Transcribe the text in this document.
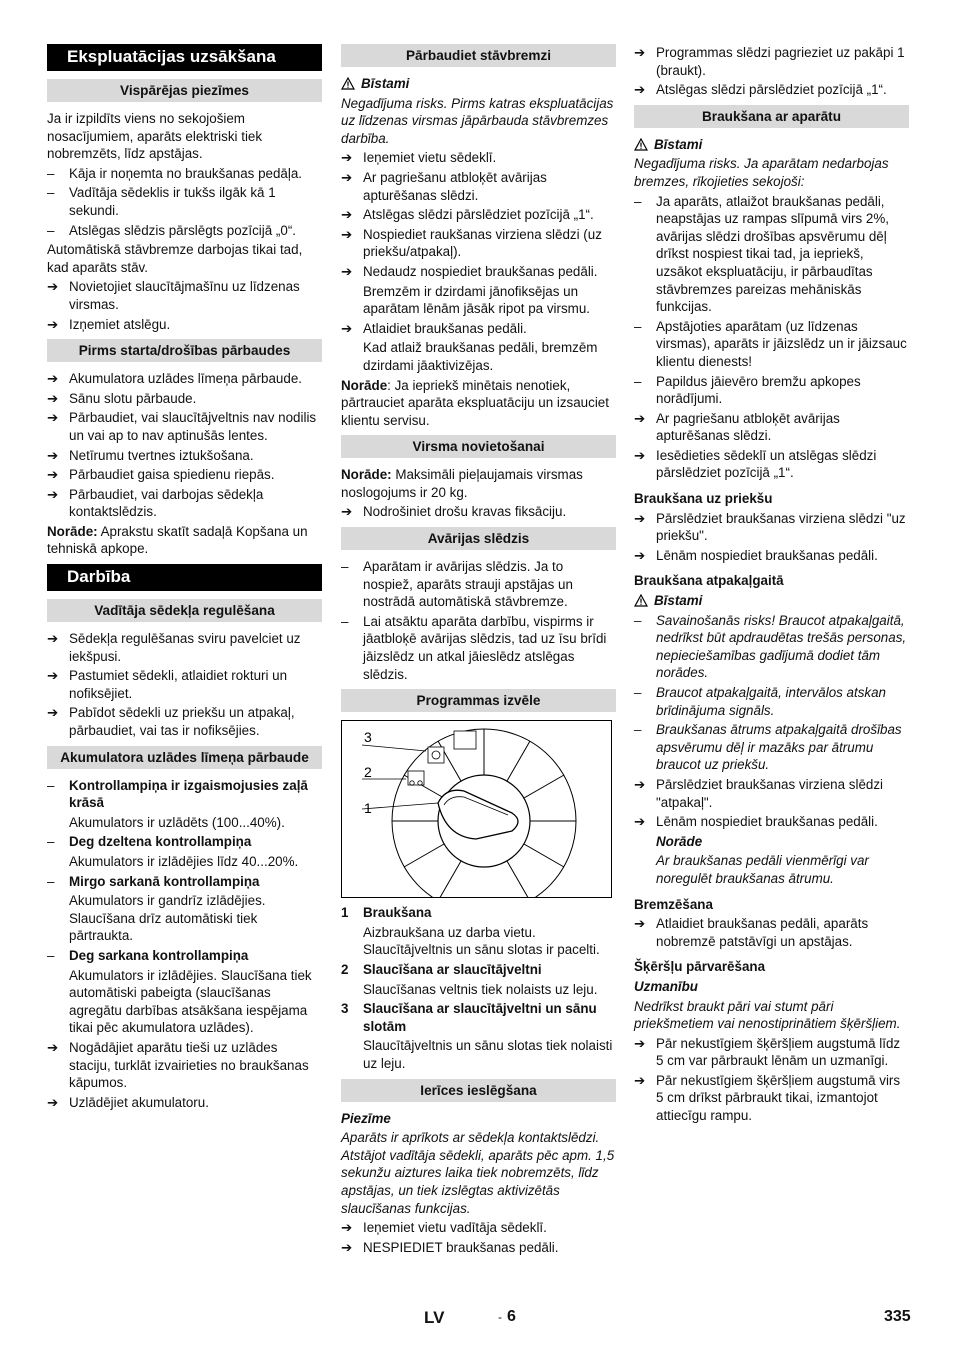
Ekspluatācijas uzsākšana
Vispārējas piezīmes

Ja ir izpildīts viens no sekojošiem nosacījumiem, aparāts elektriski tiek nobremzēts, līdz apstājas.

–	Kāja ir noņemta no braukšanas pedāļa.
–	Vadītāja sēdeklis ir tukšs ilgāk kā 1 sekundi.
–	Atslēgas slēdzis pārslēgts pozīcijā „0“.

Automātiskā stāvbremze darbojas tikai tad, kad aparāts stāv.

➔ Novietojiet slaucītājmašīnu uz līdzenas virsmas.
➔ Izņemiet atslēgu.
Pirms starta/drošības pārbaudes
➔ Akumulatora uzlādes līmeņa pārbaude.
➔ Sānu slotu pārbaude.
➔ Pārbaudiet, vai slaucītājveltnis nav nodilis un vai ap to nav aptinušās lentes.
➔ Netīrumu tvertnes iztukšošana.
➔ Pārbaudiet gaisa spiedienu riepās.
➔ Pārbaudiet, vai darbojas sēdekļa kontaktslēdzis.

Norāde: Aprakstu skatīt sadaļā Kopšana un tehniskā apkope.

Darbība
Vadītāja sēdekļa regulēšana
➔ Sēdekļa regulēšanas sviru pavelciet uz iekšpusi.
➔ Pastumiet sēdekli, atlaidiet rokturi un nofiksējiet.
➔ Pabīdot sēdekli uz priekšu un atpakaļ, pārbaudiet, vai tas ir nofiksējies.
Akumulatora uzlādes līmeņa pārbaude
–	Kontrollampiņa ir izgaismojusies zaļā krāsā
Akumulators ir uzlādēts (100...40%).
–	Deg dzeltena kontrollampiņa
Akumulators ir izlādējies līdz 40...20%.
–	Mirgo sarkanā kontrollampiņa
Akumulators ir gandrīz izlādējies. Slaucīšana drīz automātiski tiek pārtraukta.
–	Deg sarkana kontrollampiņa
Akumulators ir izlādējies. Slaucīšana tiek automātiski pabeigta (slaucīšanas agregātu darbības atsākšana iespējama tikai pēc akumulatora uzlādes).
➔ Nogādājiet aparātu tieši uz uzlādes staciju, turklāt izvairieties no braukšanas kāpumos.
➔ Uzlādējiet akumulatoru.
Pārbaudiet stāvbremzi
Bīstami

Negadījuma risks. Pirms katras ekspluatācijas uz līdzenas virsmas jāpārbauda stāvbremzes darbība.

➔ Ieņemiet vietu sēdeklī.
➔ Ar pagriešanu atbloķēt avārijas apturēšanas slēdzi.
➔ Atslēgas slēdzi pārslēdziet pozīcijā „1“.
➔ Nospiediet raukšanas virziena slēdzi (uz priekšu/atpakaļ).
➔ Nedaudz nospiediet braukšanas pedāli.
Bremzēm ir dzirdami jānofiksējas un aparātam lēnām jāsāk ripot pa virsmu.
➔ Atlaidiet braukšanas pedāli.
Kad atlaiž braukšanas pedāli, bremzēm dzirdami jāaktivizējas.

Norāde: Ja iepriekš minētais nenotiek, pārtrauciet aparāta ekspluatāciju un izsauciet klientu servisu.

Virsma novietošanai

Norāde: Maksimāli pieļaujamais virsmas noslogojums ir 20 kg.

➔ Nodrošiniet drošu kravas fiksāciju.
Avārijas slēdzis
–	Aparātam ir avārijas slēdzis. Ja to nospiež, aparāts strauji apstājas un nostrādā automātiskā stāvbremze.
–	Lai atsāktu aparāta darbību, vispirms ir jāatbloķē avārijas slēdzis, tad uz īsu brīdi jāizslēdz un atkal jāieslēdz atslēgas slēdzis.
Programmas izvēle
3
2
1
1 Braukšana
Aizbraukšana uz darba vietu. Slaucītājveltnis un sānu slotas ir pacelti.
2 Slaucīšana ar slaucītājveltni
Slaucīšanas veltnis tiek nolaists uz leju.
3 Slaucīšana ar slaucītājveltni un sānu slotām
Slaucītājveltnis un sānu slotas tiek nolaisti uz leju.
Ierīces ieslēgšana

Piezīme

Aparāts ir aprīkots ar sēdekļa kontaktslēdzi. Atstājot vadītāja sēdekli, aparāts pēc apm. 1,5 sekunžu aiztures laika tiek nobremzēts, līdz apstājas, un tiek izslēgtas aktivizētās slaucīšanas funkcijas.

➔ Ieņemiet vietu vadītāja sēdeklī.
➔ NESPIEDIET braukšanas pedāli.
➔ Programmas slēdzi pagrieziet uz pakāpi 1 (braukt).
➔ Atslēgas slēdzi pārslēdziet pozīcijā „1“.
Braukšana ar aparātu
Bīstami

Negadījuma risks. Ja aparātam nedarbojas bremzes, rīkojieties sekojoši:

–	Ja aparāts, atlaižot braukšanas pedāli, neapstājas uz rampas slīpumā virs 2%, avārijas slēdzi drošības apsvērumu dēļ drīkst nospiest tikai tad, ja iepriekš, uzsākot ekspluatāciju, ir pārbaudītas stāvbremzes pareizas mehāniskās funkcijas.
–	Apstājoties aparātam (uz līdzenas virsmas), aparāts ir jāizslēdz un ir jāizsauc klientu dienests!
–	Papildus jāievēro bremžu apkopes norādījumi.
➔ Ar pagriešanu atbloķēt avārijas apturēšanas slēdzi.
➔ Iesēdieties sēdeklī un atslēgas slēdzi pārslēdziet pozīcijā „1“.
Braukšana uz priekšu
➔ Pārslēdziet braukšanas virziena slēdzi "uz priekšu".
➔ Lēnām nospiediet braukšanas pedāli.
Braukšana atpakaļgaitā
Bīstami
–	Savainošanās risks! Braucot atpakaļgaitā, nedrīkst būt apdraudētas trešās personas, nepieciešamības gadījumā dodiet tām norādes.
–	Braucot atpakaļgaitā, intervālos atskan brīdinājuma signāls.
–	Braukšanas ātrums atpakaļgaitā drošības apsvērumu dēļ ir mazāks par ātrumu braucot uz priekšu.
➔ Pārslēdziet braukšanas virziena slēdzi "atpakaļ".
➔ Lēnām nospiediet braukšanas pedāli.
Norāde
Ar braukšanas pedāli vienmērīgi var noregulēt braukšanas ātrumu.
Bremzēšana
➔ Atlaidiet braukšanas pedāli, aparāts nobremzē patstāvīgi un apstājas.
Šķēršļu pārvarēšana

Uzmanību

Nedrīkst braukt pāri vai stumt pāri priekšmetiem vai nenostiprinātiem šķēršļiem.

➔ Pār nekustīgiem šķēršļiem augstumā līdz 5 cm var pārbraukt lēnām un uzmanīgi.
➔ Pār nekustīgiem šķēršļiem augstumā virs 5 cm drīkst pārbraukt tikai, izmantojot attiecīgu rampu.
LV	- 6	335
